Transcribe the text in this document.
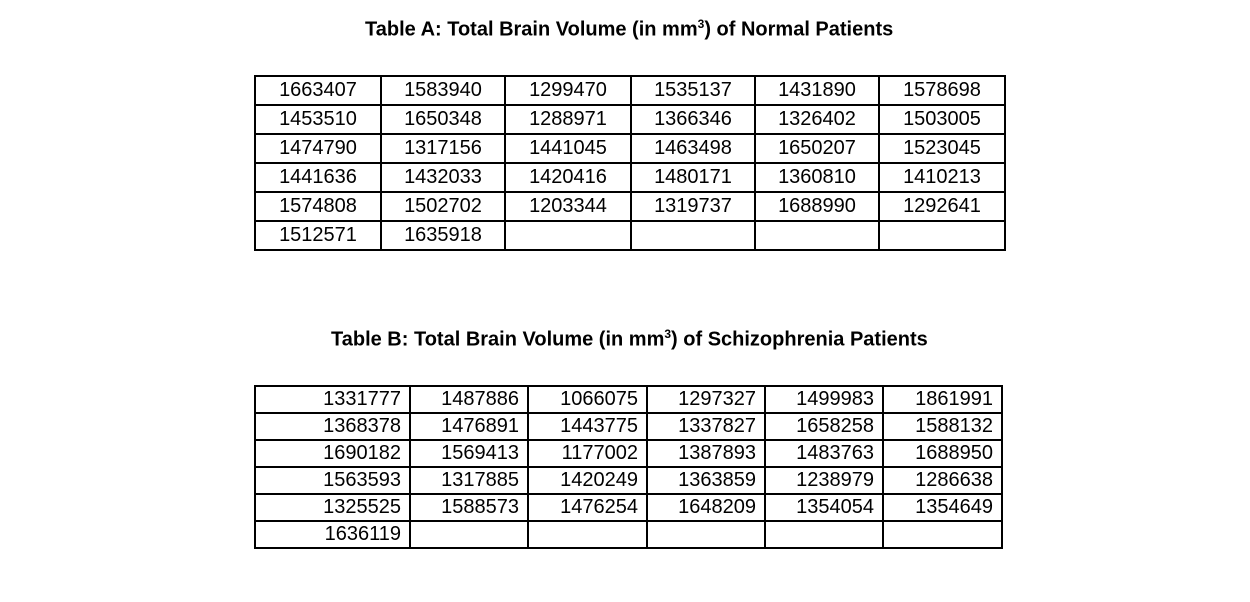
Table A: Total Brain Volume (in $mm^3$) of Normal Patients
1663407	1583940	1299470	1535137	1431890	1578698
1453510	1650348	1288971	1366346	1326402	1503005
1474790	1317156	1441045	1463498	1650207	1523045
1441636	1432033	1420416	1480171	1360810	1410213
1574808	1502702	1203344	1319737	1688990	1292641
1512571	1635918				
Table B: Total Brain Volume (in $mm^3$) of Schizophrenia Patients
1331777	1487886	1066075	1297327	1499983	1861991
1368378	1476891	1443775	1337827	1658258	1588132
1690182	1569413	1177002	1387893	1483763	1688950
1563593	1317885	1420249	1363859	1238979	1286638
1325525	1588573	1476254	1648209	1354054	1354649
1636119					
